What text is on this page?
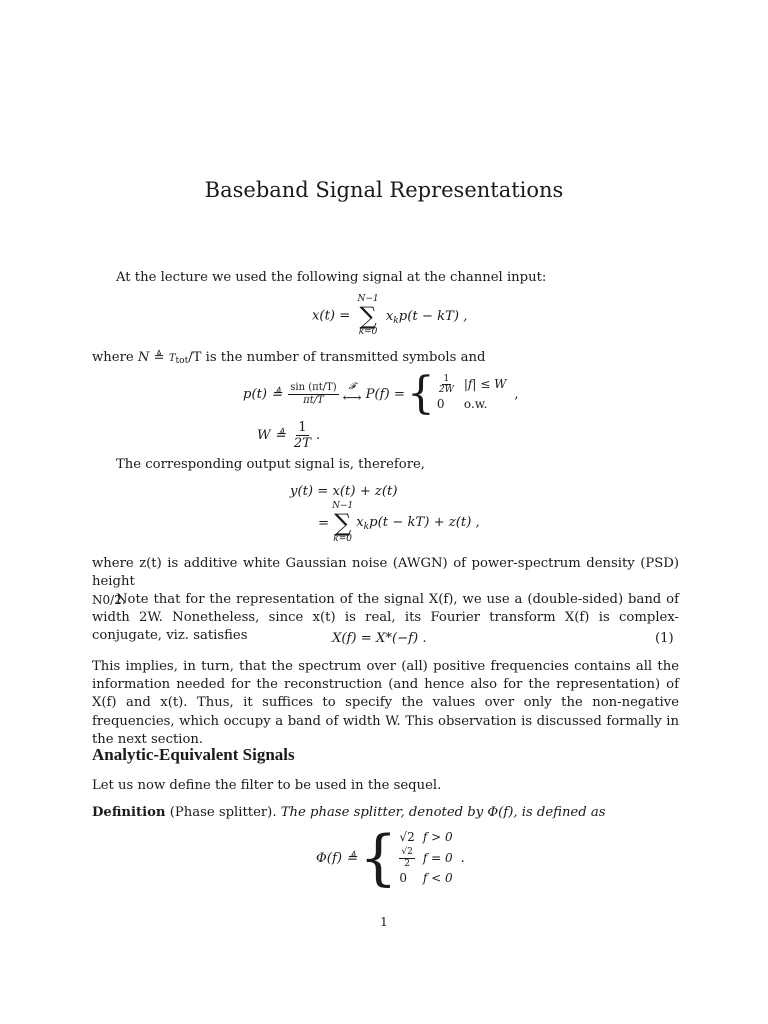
Baseband Signal Representations
At the lecture we used the following signal at the channel input:
x(t) =
N−1
∑
k=0
$x_kp(t - kT)$ ,
where N ≜ Ttot/T is the number of transmitted symbols and
p(t) ≜ $\frac{\sin (\pi t/T)}{\pi t/T}$ 𝓕
⟷ P(f) = { $\frac{1}{2W}$	|f| ≤ W
0	o.w.
,
W ≜ $\frac{1}{2T}$ .
The corresponding output signal is, therefore,
y(t) = x(t) + z(t)
=
N−1
∑
k=0
$x_kp(t - kT) + z(t)$ ,

where z(t) is additive white Gaussian noise (AWGN) of power-spectrum density (PSD) height

N0/2.

Note that for the representation of the signal X(f), we use a (double-sided) band of width 2W. Nonetheless, since x(t) is real, its Fourier transform X(f) is complex-conjugate, viz. satisfies	X(f) = X*(−f) .	(1)

This implies, in turn, that the spectrum over (all) positive frequencies contains all the information needed for the reconstruction (and hence also for the representation) of X(f) and x(t). Thus, it suffices to specify the values over only the non-negative frequencies, which occupy a band of width W. This observation is discussed formally in the next section.

Analytic-Equivalent Signals
Let us now define the filter to be used in the sequel.
Definition (Phase splitter). The phase splitter, denoted by Φ(f), is defined as
Φ(f) ≜ { √2	f > 0

$\frac{√2}{2}$	f = 0
0	f < 0
.
1
